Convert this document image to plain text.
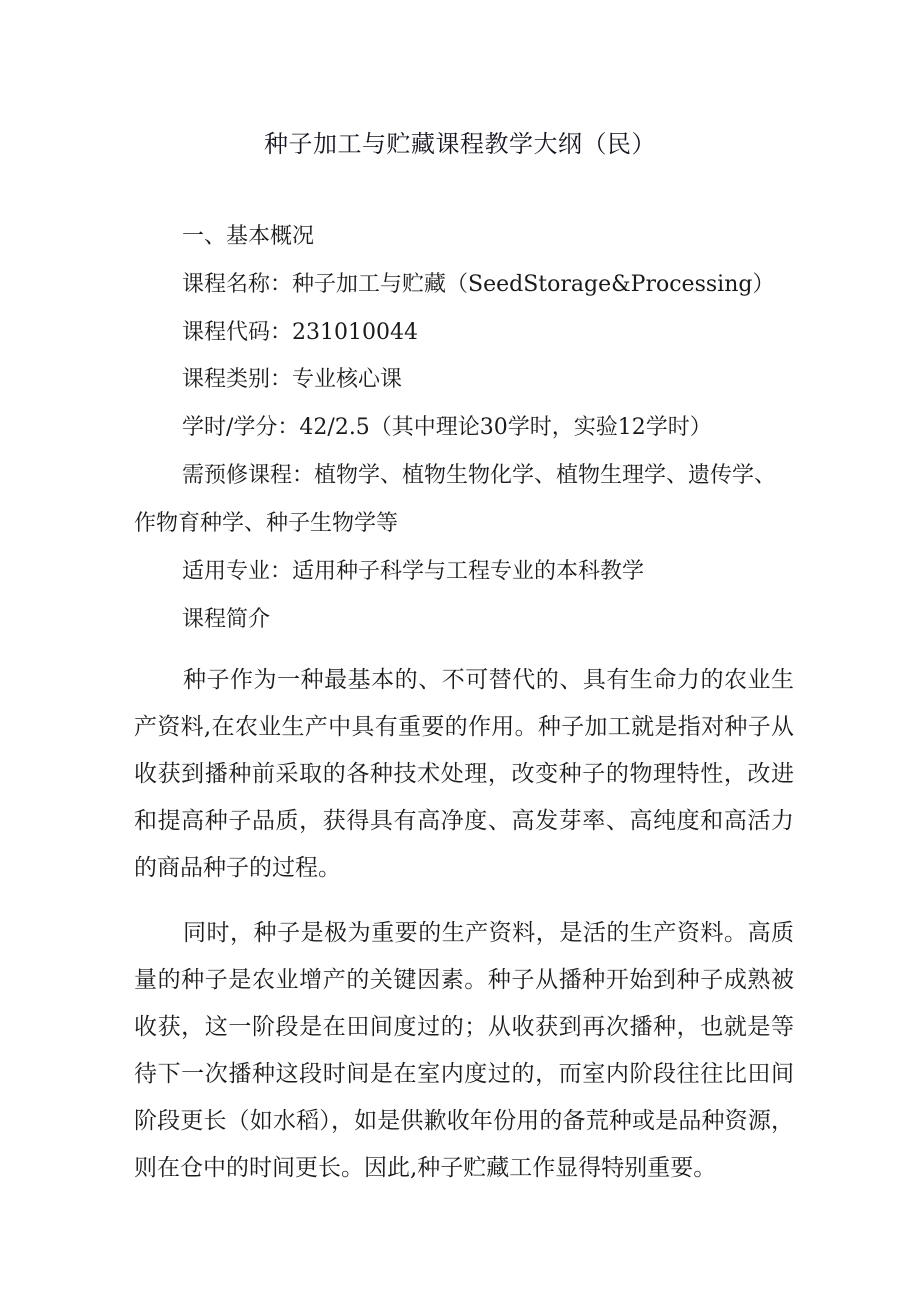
种子加工与贮藏课程教学大纲（民）
一、基本概况
课程名称：种子加工与贮藏（SeedStorage&Processing）
课程代码：231010044
课程类别：专业核心课
学时/学分：42/2.5（其中理论30学时，实验12学时）
需预修课程：植物学、植物生物化学、植物生理学、遗传学、
作物育种学、种子生物学等
适用专业：适用种子科学与工程专业的本科教学
课程简介

种子作为一种最基本的、不可替代的、具有生命力的农业生产资料,在农业生产中具有重要的作用。种子加工就是指对种子从收获到播种前采取的各种技术处理，改变种子的物理特性，改进和提高种子品质，获得具有高净度、高发芽率、高纯度和高活力的商品种子的过程。

同时，种子是极为重要的生产资料，是活的生产资料。高质量的种子是农业增产的关键因素。种子从播种开始到种子成熟被收获，这一阶段是在田间度过的；从收获到再次播种，也就是等待下一次播种这段时间是在室内度过的，而室内阶段往往比田间阶段更长（如水稻），如是供歉收年份用的备荒种或是品种资源，则在仓中的时间更长。因此,种子贮藏工作显得特别重要。
